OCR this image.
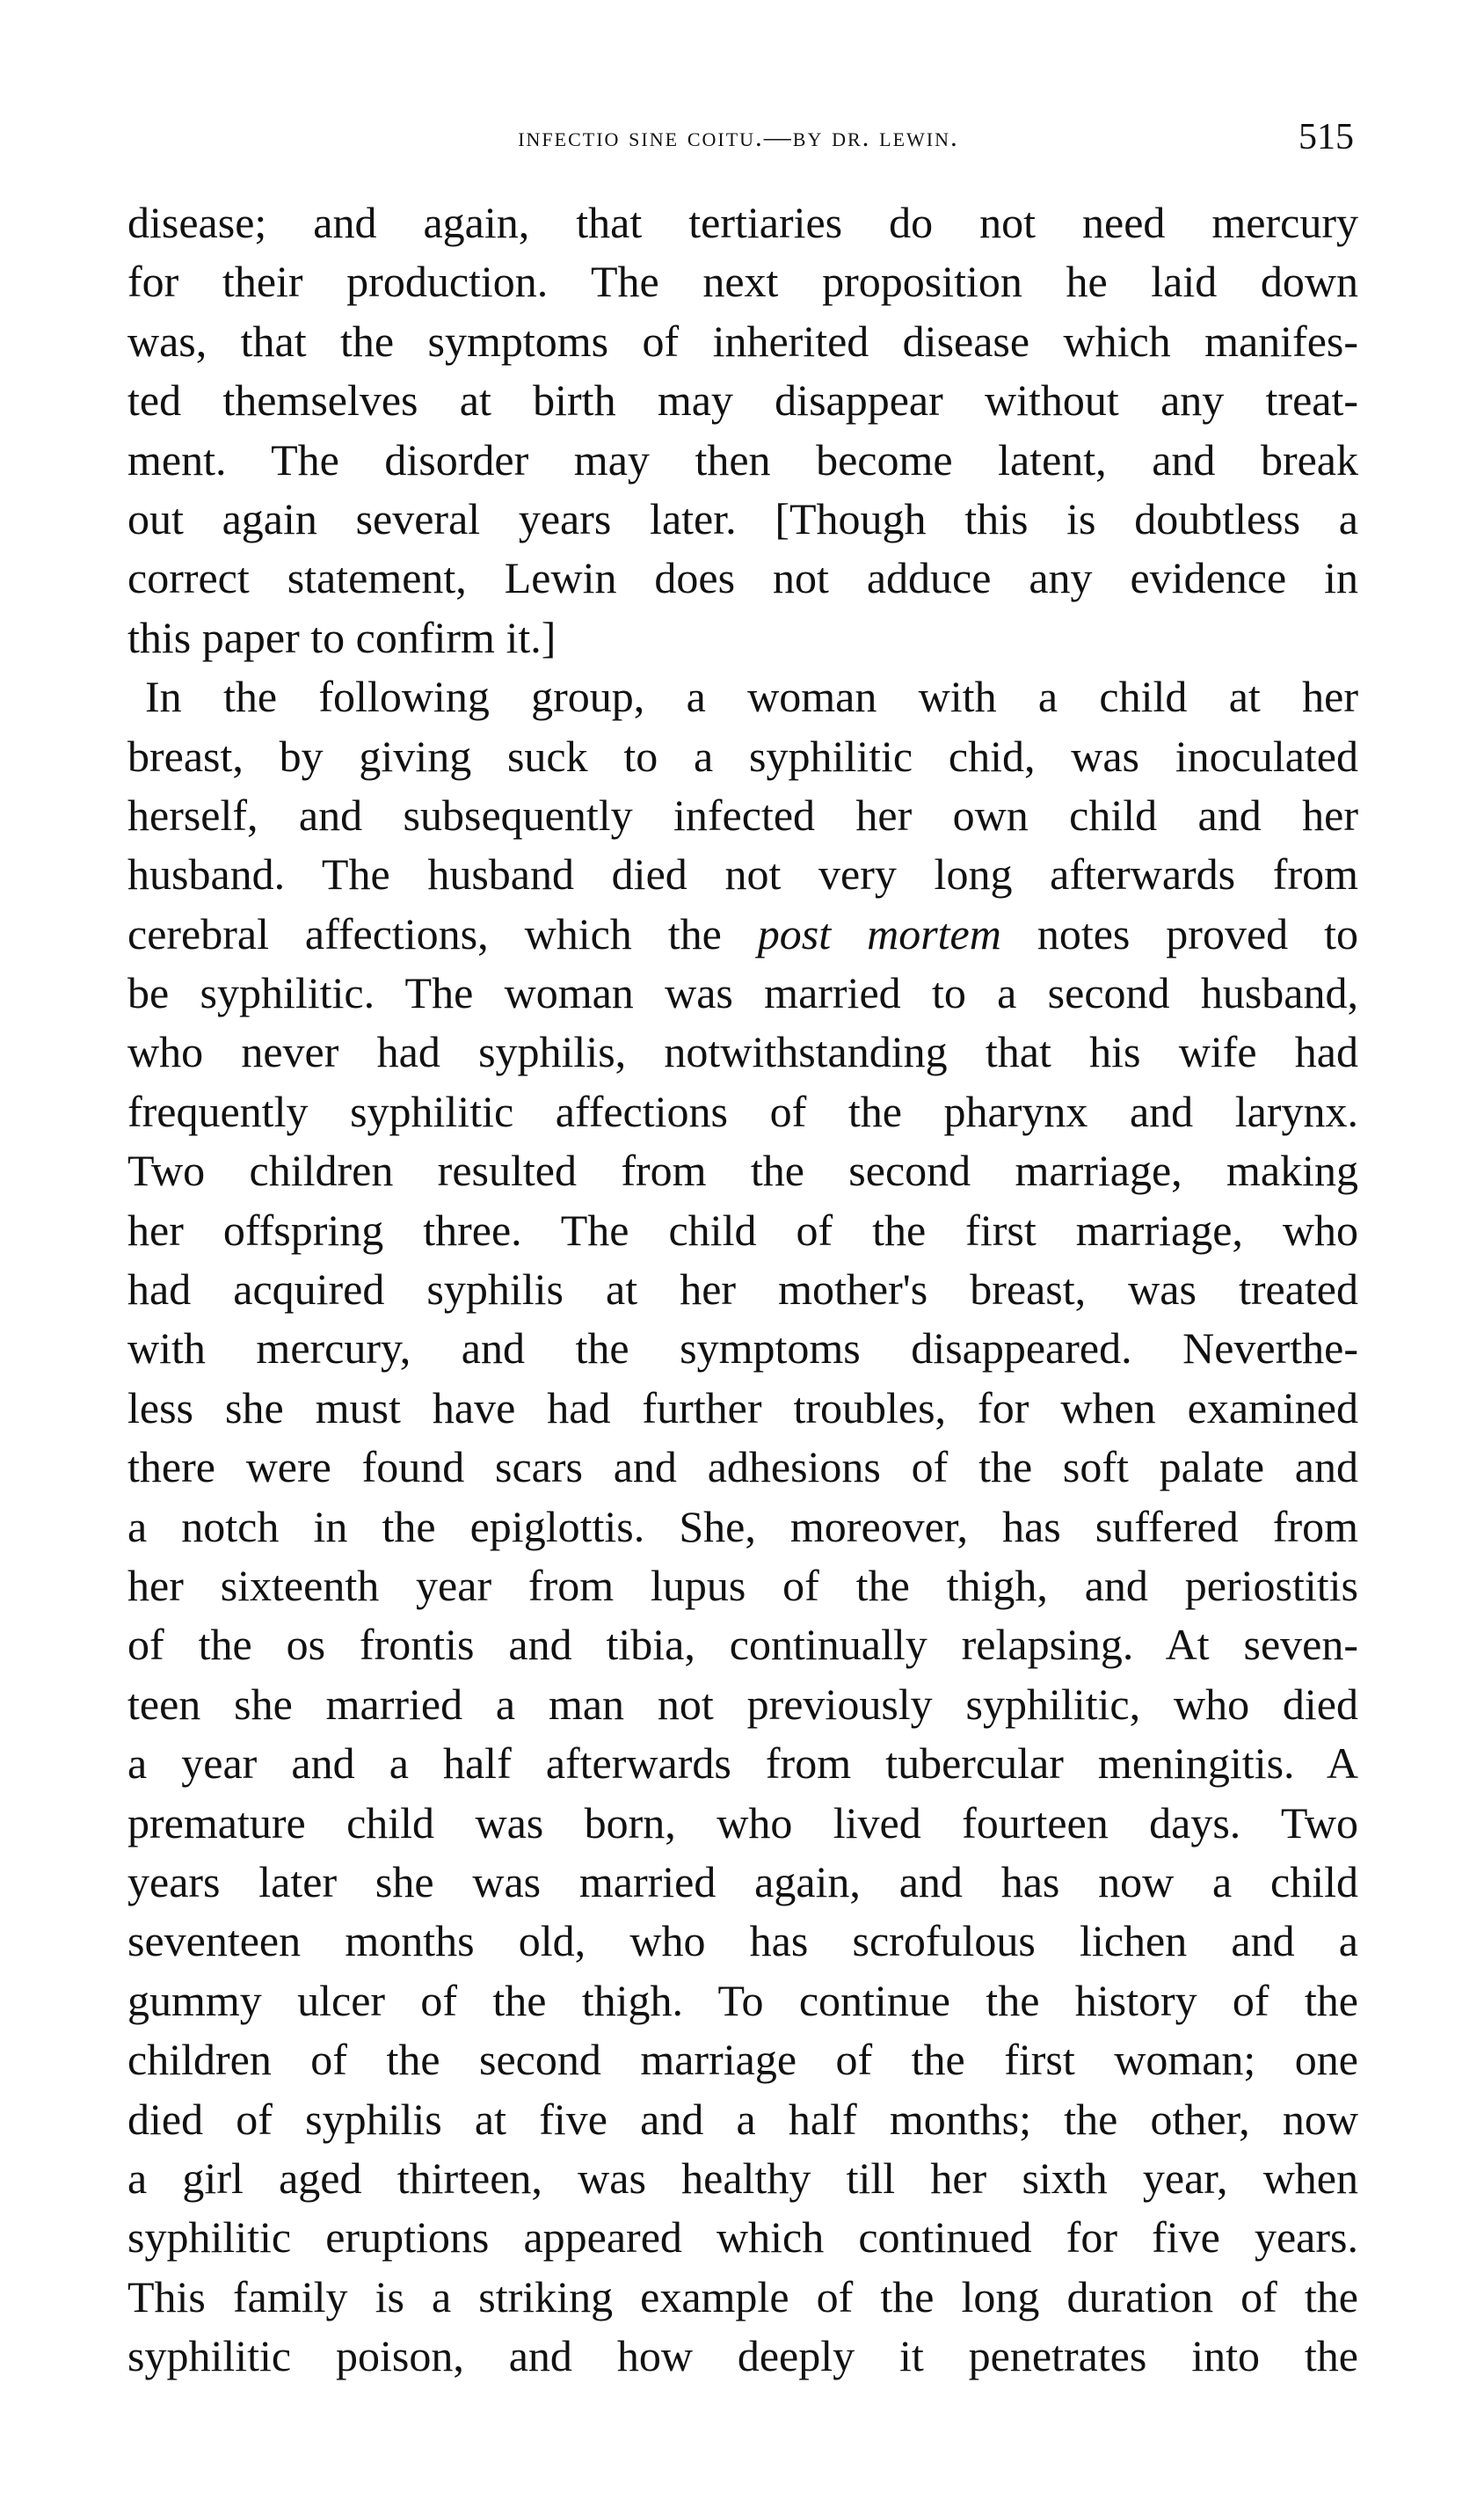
infectio sine coitu.—by dr. lewin.	515
disease; and again, that tertiaries do not need mercury
for their production. The next proposition he laid down
was, that the symptoms of inherited disease which manifes-
ted themselves at birth may disappear without any treat-
ment. The disorder may then become latent, and break
out again several years later. [Though this is doubtless a
correct statement, Lewin does not adduce any evidence in
this paper to confirm it.]
In the following group, a woman with a child at her
breast, by giving suck to a syphilitic chid, was inoculated
herself, and subsequently infected her own child and her
husband. The husband died not very long afterwards from
cerebral affections, which the post mortem notes proved to
be syphilitic. The woman was married to a second husband,
who never had syphilis, notwithstanding that his wife had
frequently syphilitic affections of the pharynx and larynx.
Two children resulted from the second marriage, making
her offspring three. The child of the first marriage, who
had acquired syphilis at her mother's breast, was treated
with mercury, and the symptoms disappeared. Neverthe-
less she must have had further troubles, for when examined
there were found scars and adhesions of the soft palate and
a notch in the epiglottis. She, moreover, has suffered from
her sixteenth year from lupus of the thigh, and periostitis
of the os frontis and tibia, continually relapsing. At seven-
teen she married a man not previously syphilitic, who died
a year and a half afterwards from tubercular meningitis. A
premature child was born, who lived fourteen days. Two
years later she was married again, and has now a child
seventeen months old, who has scrofulous lichen and a
gummy ulcer of the thigh. To continue the history of the
children of the second marriage of the first woman; one
died of syphilis at five and a half months; the other, now
a girl aged thirteen, was healthy till her sixth year, when
syphilitic eruptions appeared which continued for five years.
This family is a striking example of the long duration of the
syphilitic poison, and how deeply it penetrates into the
